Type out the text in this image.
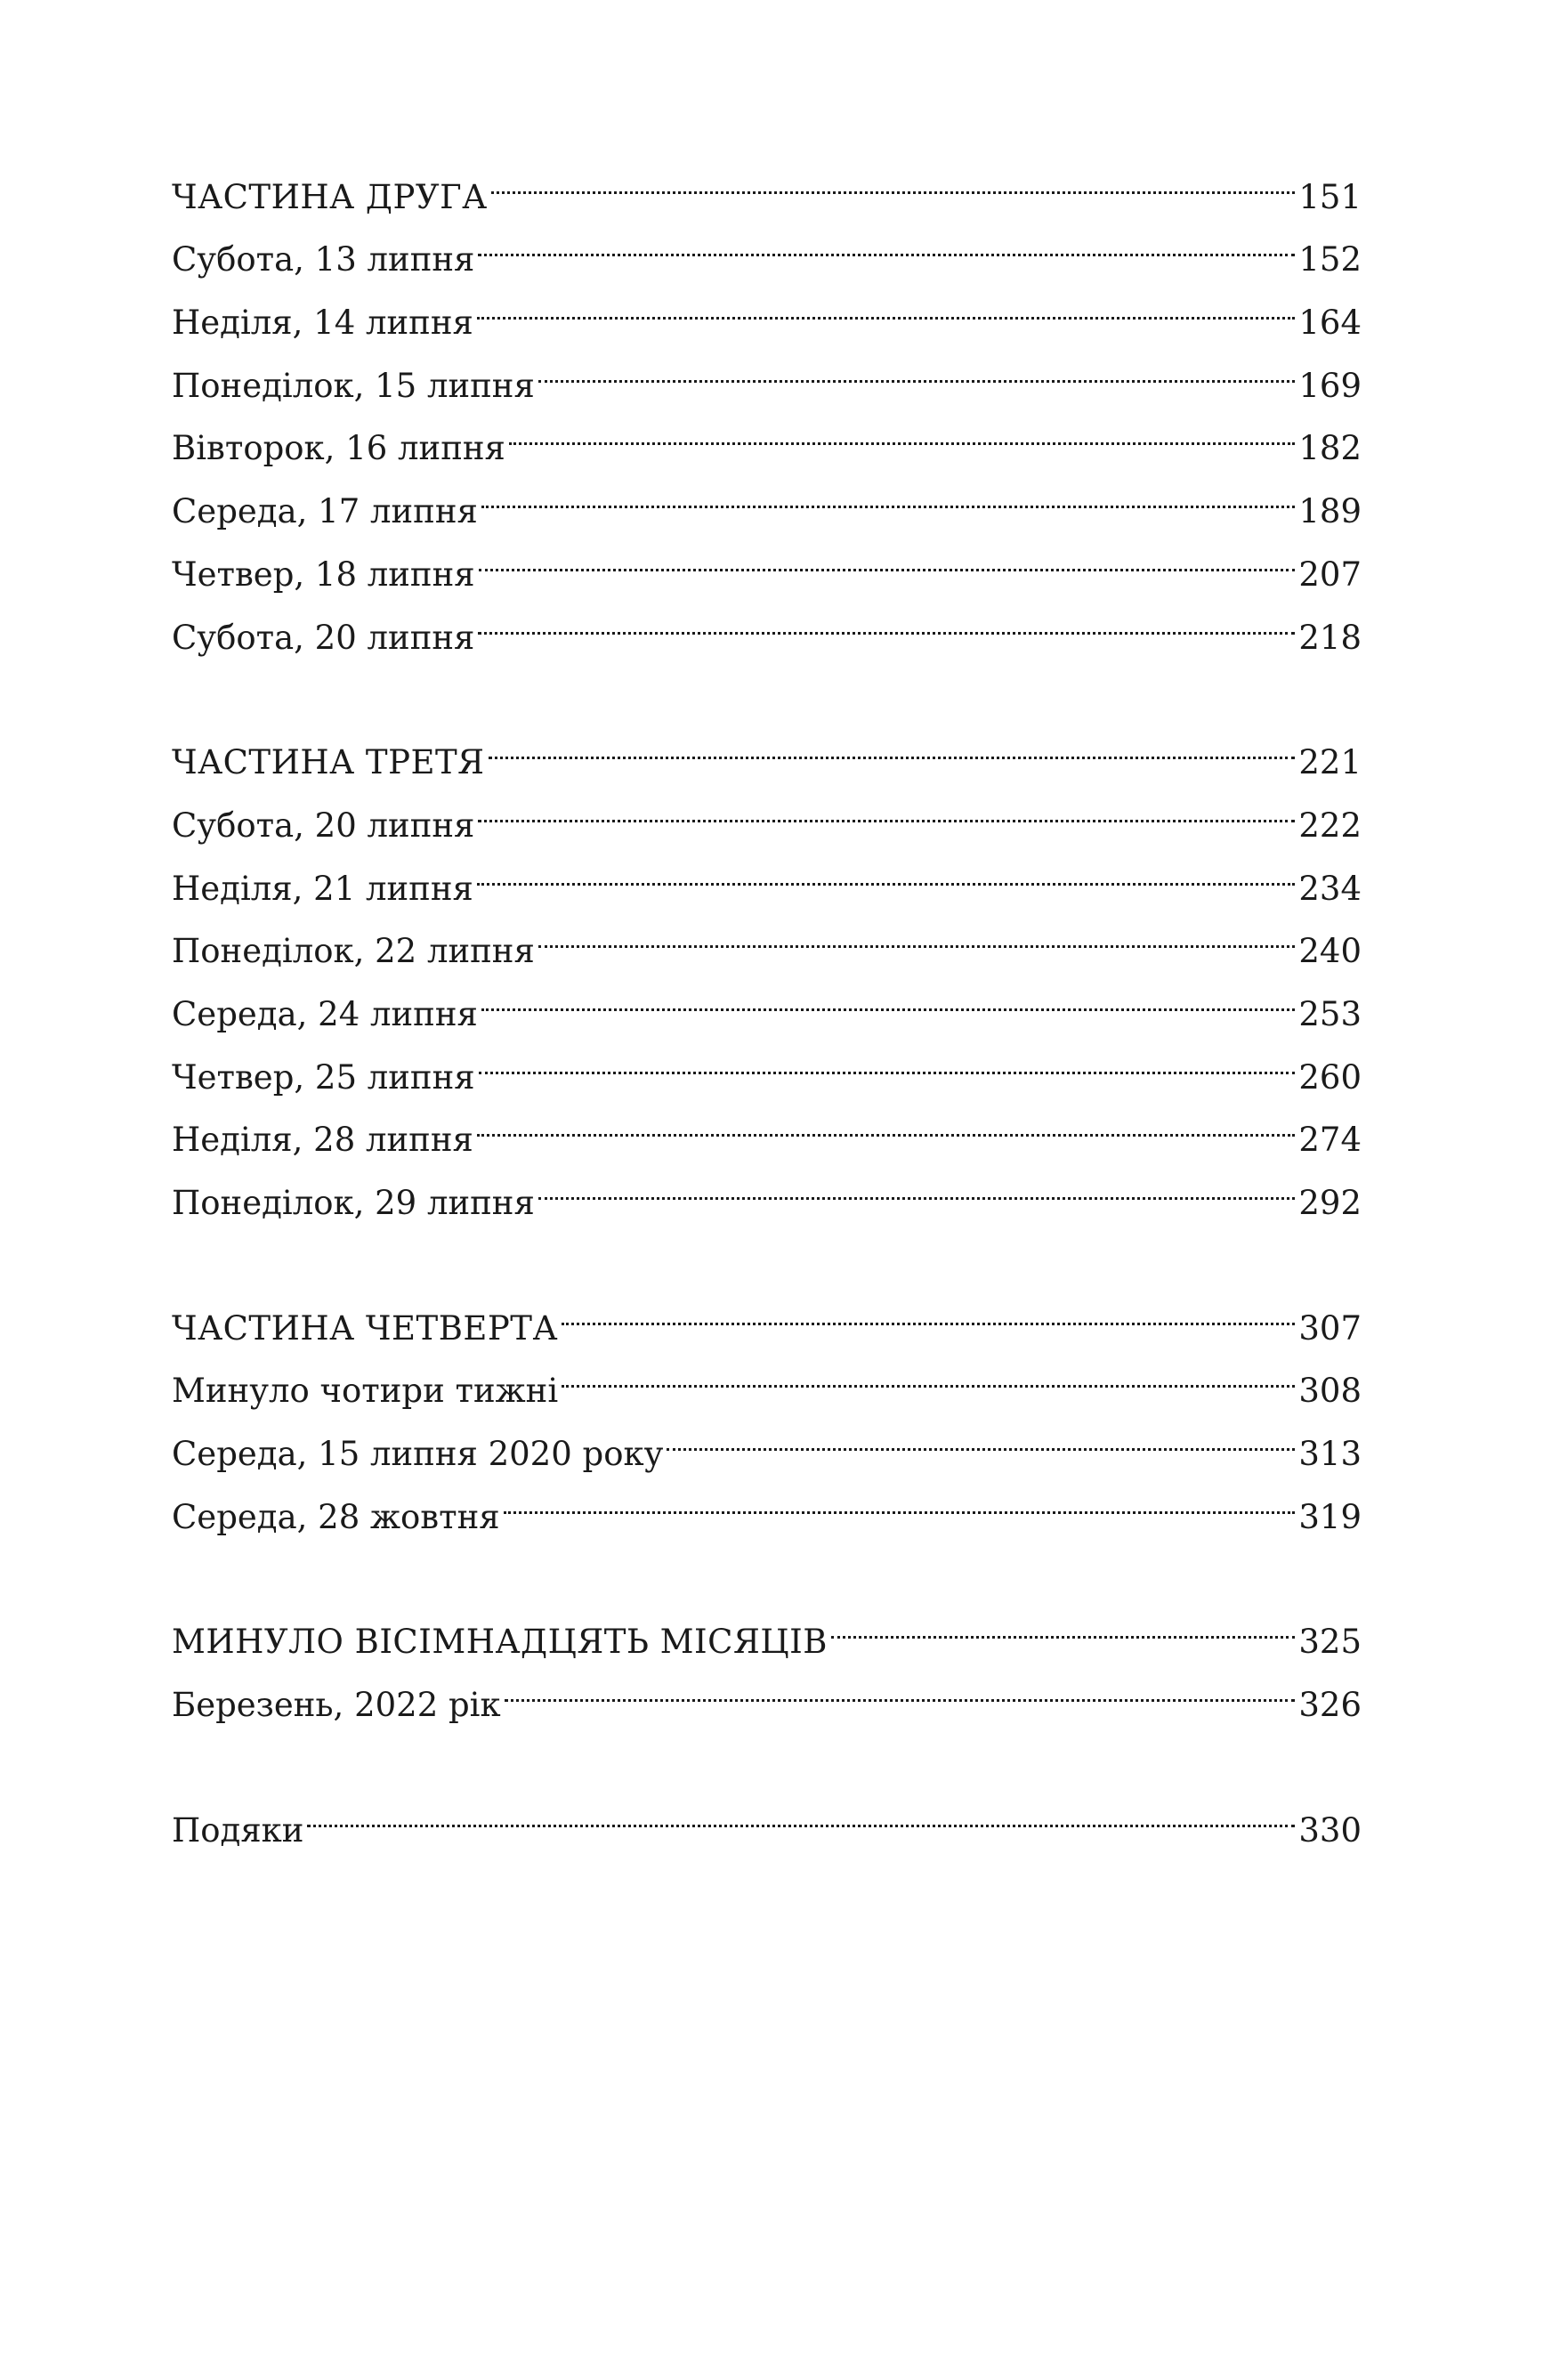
ЧАСТИНА ДРУГА	151
Субота, 13 липня	152
Неділя, 14 липня	164
Понеділок, 15 липня	169
Вівторок, 16 липня	182
Середа, 17 липня	189
Четвер, 18 липня	207
Субота, 20 липня	218
ЧАСТИНА ТРЕТЯ	221
Субота, 20 липня	222
Неділя, 21 липня	234
Понеділок, 22 липня	240
Середа, 24 липня	253
Четвер, 25 липня	260
Неділя, 28 липня	274
Понеділок, 29 липня	292
ЧАСТИНА ЧЕТВЕРТА	307
Минуло чотири тижні	308
Середа, 15 липня 2020 року	313
Середа, 28 жовтня	319
МИНУЛО ВІСІМНАДЦЯТЬ МІСЯЦІВ	325
Березень, 2022 рік	326
Подяки	330
